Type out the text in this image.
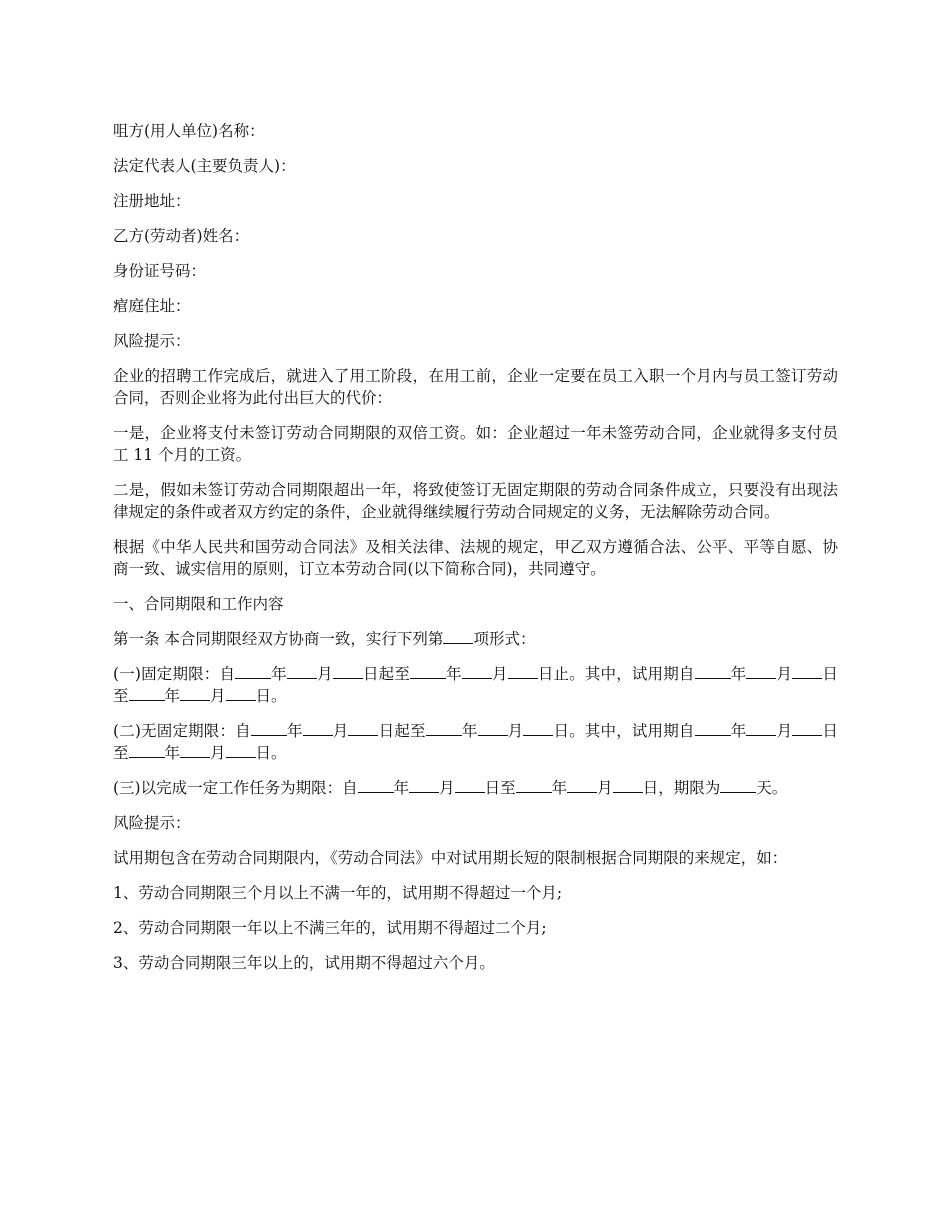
咀方(用人单位)名称：

法定代表人(主要负责人)：

注册地址：

乙方(劳动者)姓名：

身份证号码：

痯庭住址：

风险提示：

企业的招聘工作完成后，就进入了用工阶段，在用工前，企业一定要在员工入职一个月内与员工签订劳动合同，否则企业将为此付出巨大的代价：

一是，企业将支付未签订劳动合同期限的双倍工资。如：企业超过一年未签劳动合同，企业就得多支付员工 11 个月的工资。

二是，假如未签订劳动合同期限超出一年，将致使签订无固定期限的劳动合同条件成立，只要没有出现法律规定的条件或者双方约定的条件，企业就得继续履行劳动合同规定的义务，无法解除劳动合同。

根据《中华人民共和国劳动合同法》及相关法律、法规的规定，甲乙双方遵循合法、公平、平等自愿、协商一致、诚实信用的原则，订立本劳动合同(以下简称合同)，共同遵守。

一、合同期限和工作内容

第一条 本合同期限经双方协商一致，实行下列第 项形式：

(一)固定期限：自 年 月 日起至 年 月 日止。其中，试用期自 年 月 日至 年 月 日。

(二)无固定期限：自 年 月 日起至 年 月 日。其中，试用期自 年 月 日至 年 月 日。

(三)以完成一定工作任务为期限：自 年 月 日至 年 月 日，期限为 天。

风险提示：

试用期包含在劳动合同期限内，《劳动合同法》中对试用期长短的限制根据合同期限的来规定，如：

1、劳动合同期限三个月以上不满一年的，试用期不得超过一个月;

2、劳动合同期限一年以上不满三年的，试用期不得超过二个月;

3、劳动合同期限三年以上的，试用期不得超过六个月。
